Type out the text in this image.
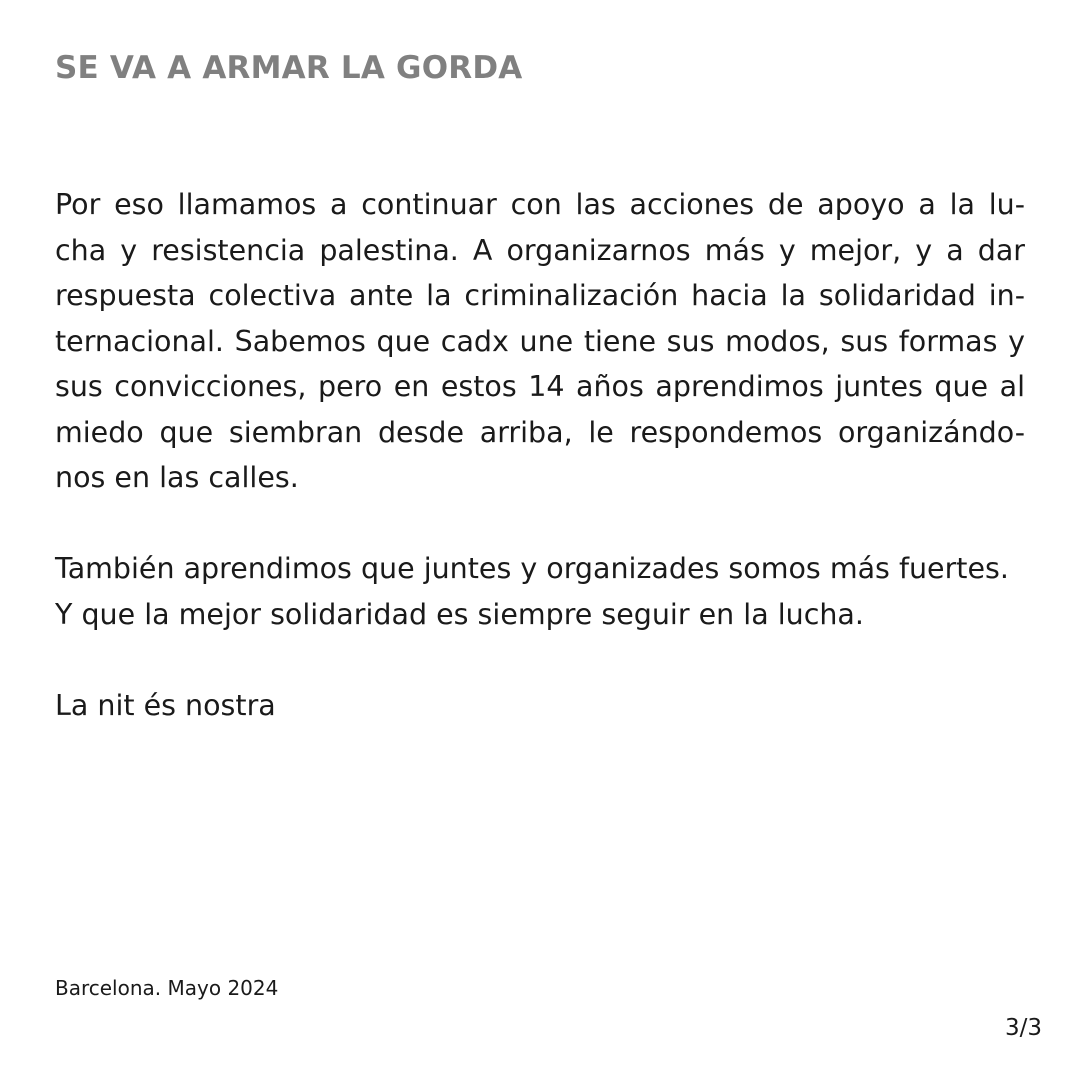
SE VA A ARMAR LA GORDA
Por eso llamamos a continuar con las acciones de apoyo a la lu-
cha y resistencia palestina. A organizarnos más y mejor, y a dar
respuesta colectiva ante la criminalización hacia la solidaridad in-
ternacional. Sabemos que cadx une tiene sus modos, sus formas y
sus convicciones, pero en estos 14 años aprendimos juntes que al
miedo que siembran desde arriba, le respondemos organizándo-
nos en las calles.
También aprendimos que juntes y organizades somos más fuertes.
Y que la mejor solidaridad es siempre seguir en la lucha.
La nit és nostra
Barcelona. Mayo 2024
3/3
